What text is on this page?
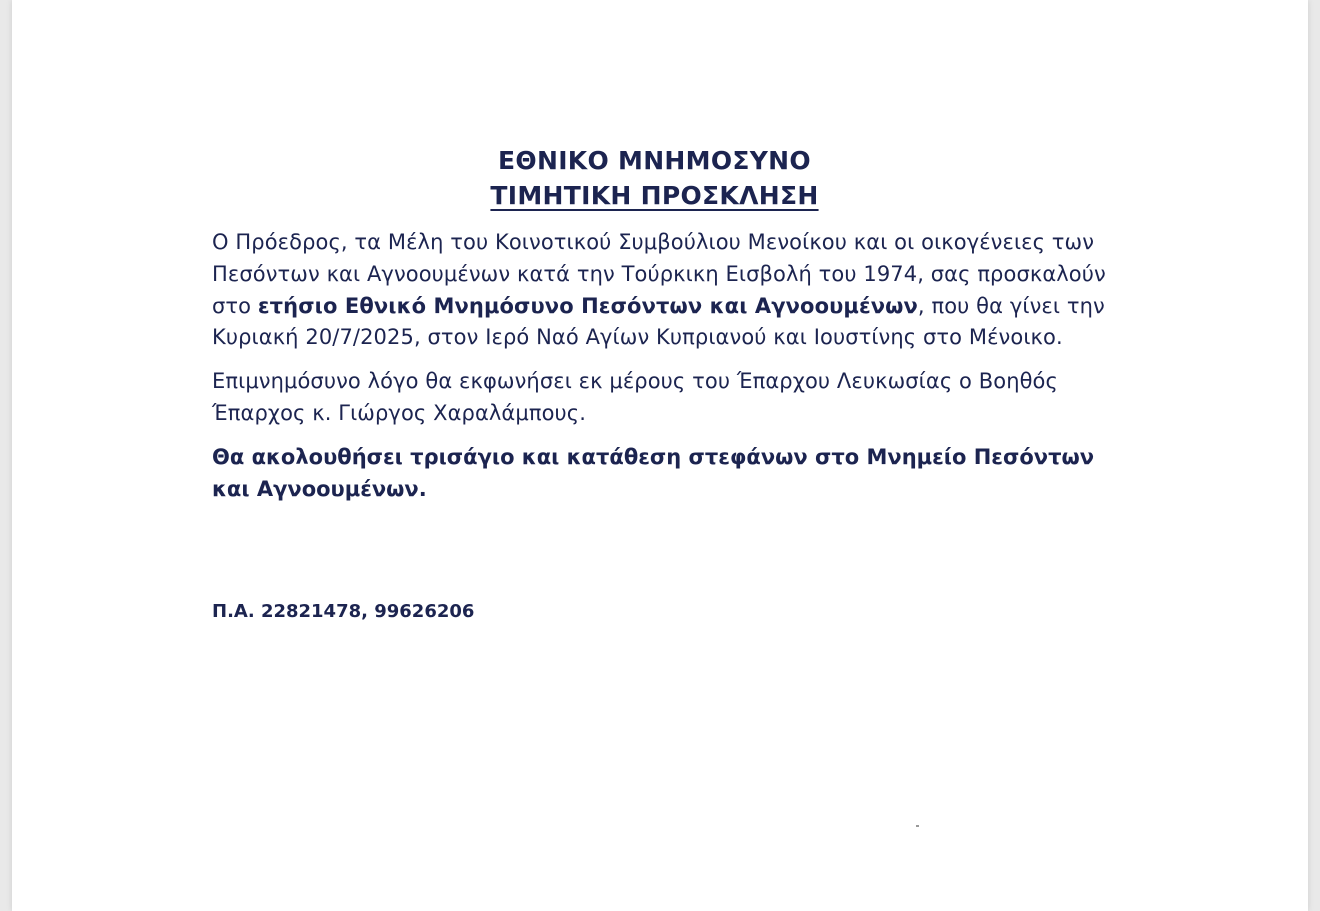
ΕΘΝΙΚΟ ΜΝΗΜΟΣΥΝΟ
ΤΙΜΗΤΙΚΗ ΠΡΟΣΚΛΗΣΗ

Ο Πρόεδρος, τα Μέλη του Κοινοτικού Συμβούλιου Μενοίκου και οι οικογένειες των Πεσόντων και Αγνοουμένων κατά την Τούρκικη Εισβολή του 1974, σας προσκαλούν στο ετήσιο Εθνικό Μνημόσυνο Πεσόντων και Αγνοουμένων, που θα γίνει την Κυριακή 20/7/2025, στον Ιερό Ναό Αγίων Κυπριανού και Ιουστίνης στο Μένοικο.

Επιμνημόσυνο λόγο θα εκφωνήσει εκ μέρους του Έπαρχου Λευκωσίας ο Βοηθός Έπαρχος κ. Γιώργος Χαραλάμπους.

Θα ακολουθήσει τρισάγιο και κατάθεση στεφάνων στο Μνημείο Πεσόντων και Αγνοουμένων.

Π.Α. 22821478, 99626206
